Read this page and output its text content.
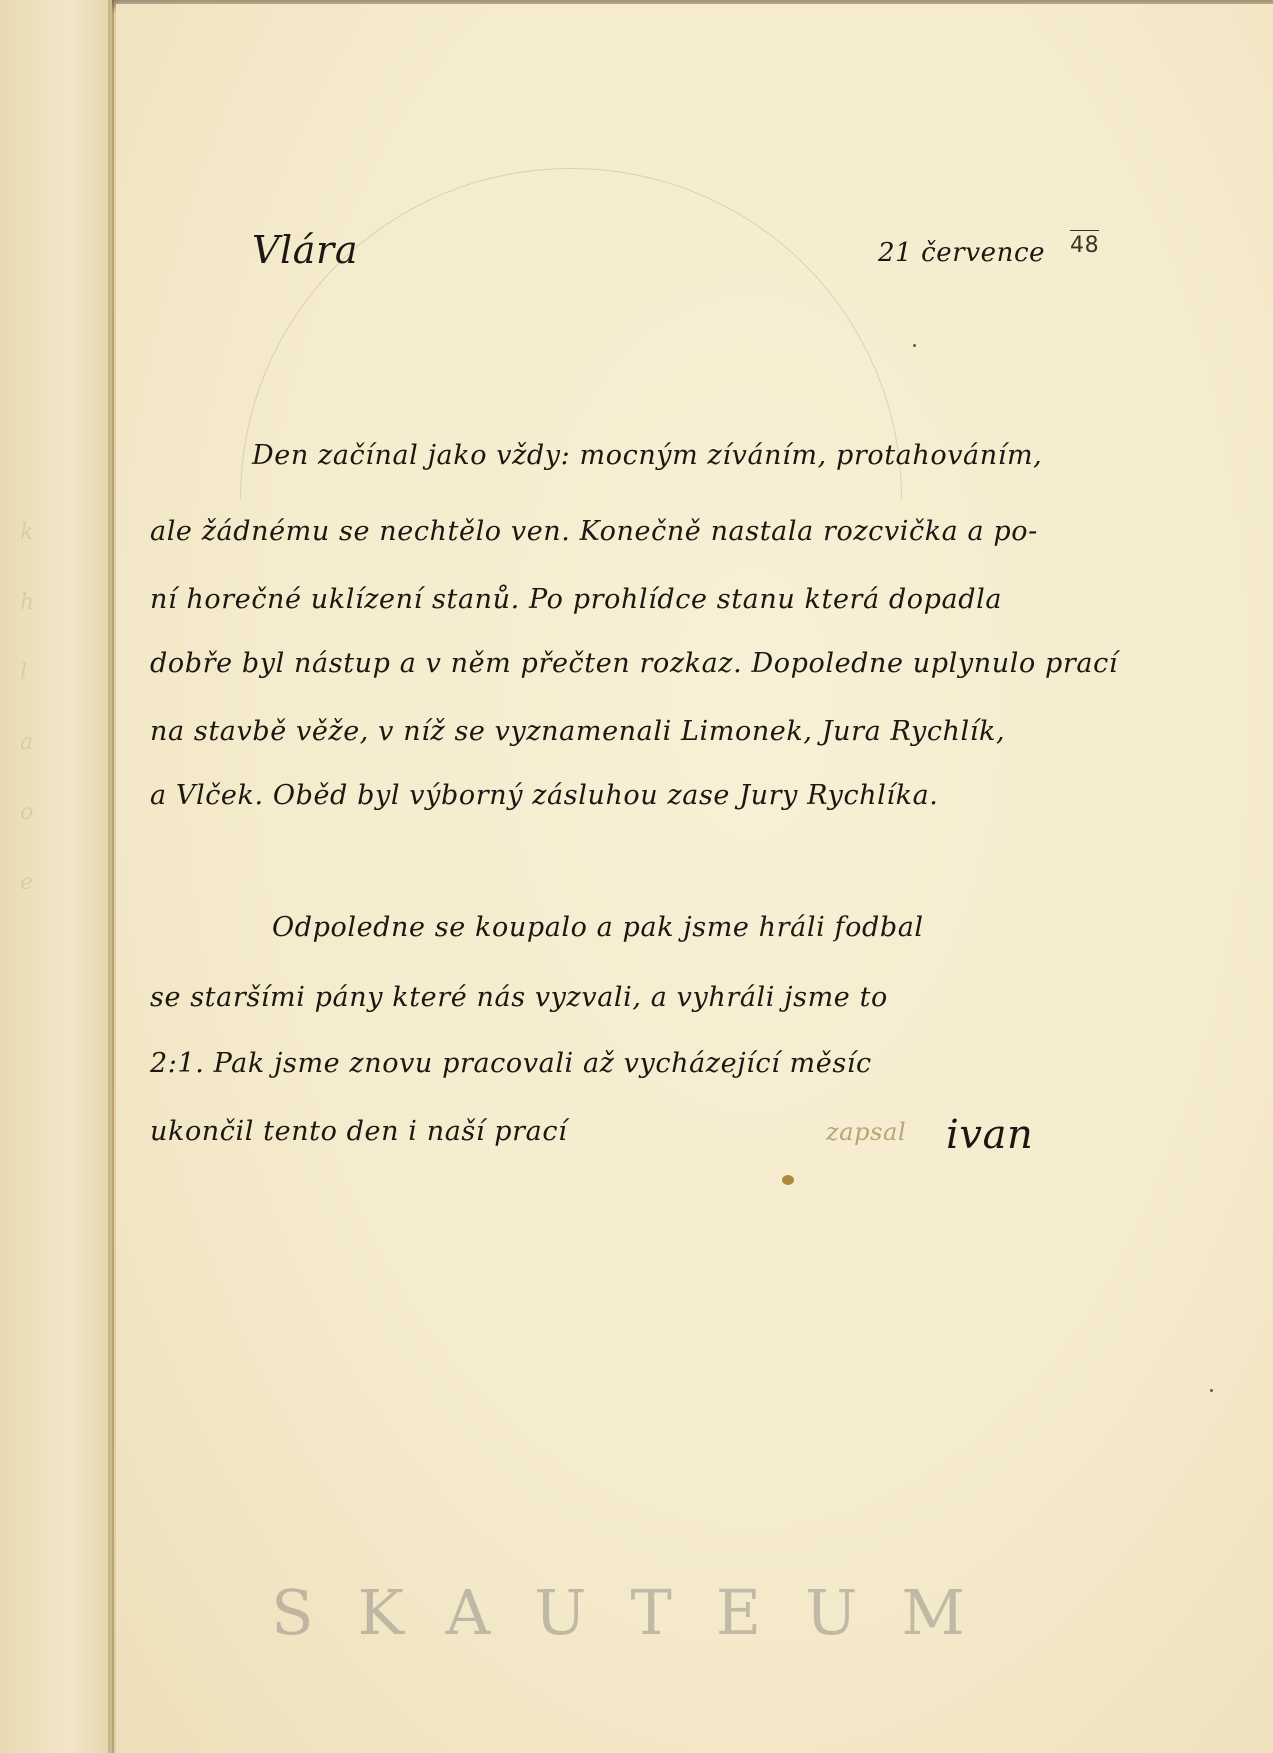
k
h
l
a
o
e
Vlára	21 července 48
Den začínal jako vždy: mocným zíváním, protahováním,
ale žádnému se nechtělo ven. Konečně nastala rozcvička a po-
ní horečné uklízení stanů. Po prohlídce stanu která dopadla
dobře byl nástup a v něm přečten rozkaz. Dopoledne uplynulo prací
na stavbě věže, v níž se vyznamenali Limonek, Jura Rychlík,
a Vlček. Oběd byl výborný zásluhou zase Jury Rychlíka.
Odpoledne se koupalo a pak jsme hráli fodbal
se staršími pány které nás vyzvali, a vyhráli jsme to
2:1. Pak jsme znovu pracovali až vycházející měsíc
ukončil tento den i naší prací	zapsal ivan
SKAUTEUM
